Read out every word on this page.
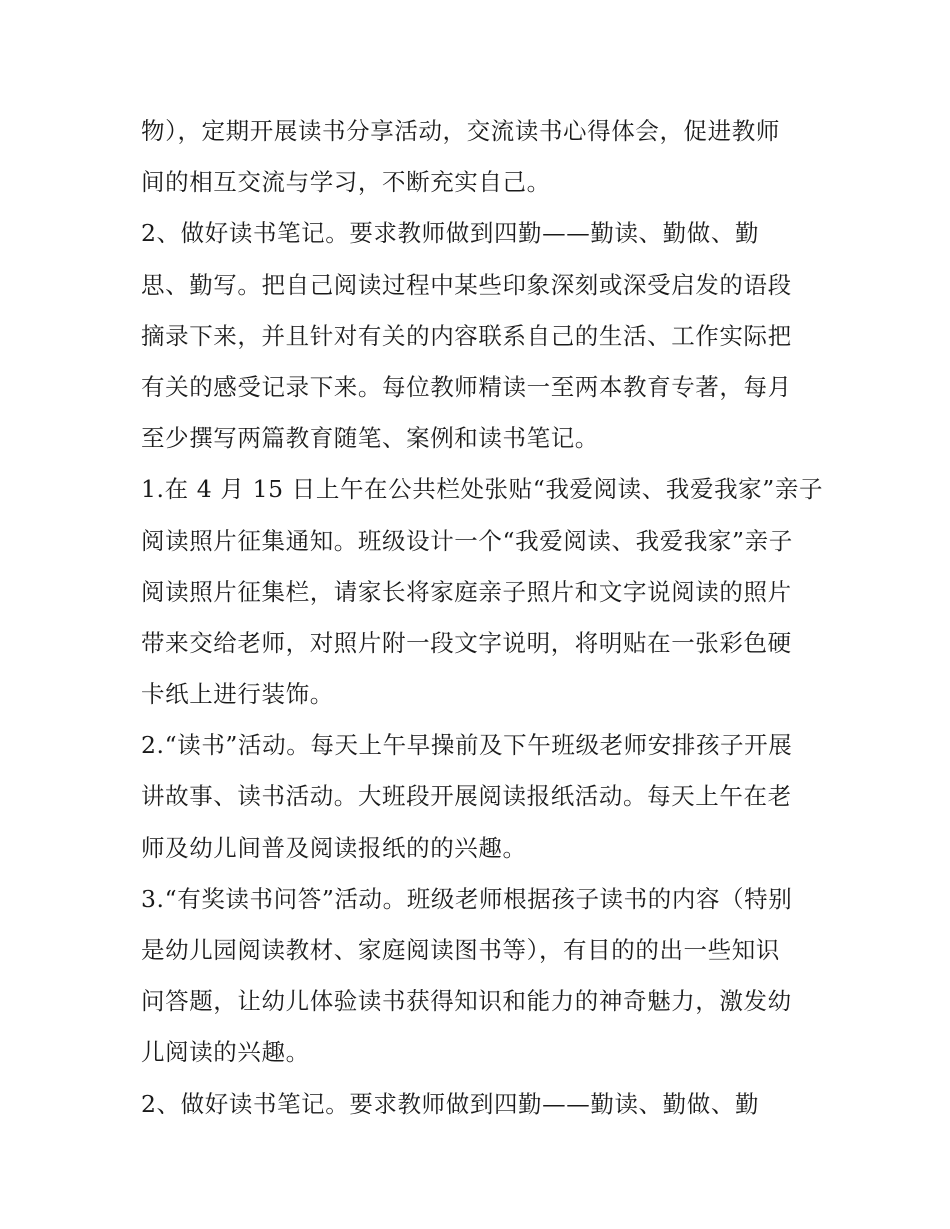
物），定期开展读书分享活动，交流读书心得体会，促进教师
间的相互交流与学习，不断充实自己。
2、做好读书笔记。要求教师做到四勤——勤读、勤做、勤
思、勤写。把自己阅读过程中某些印象深刻或深受启发的语段
摘录下来，并且针对有关的内容联系自己的生活、工作实际把
有关的感受记录下来。每位教师精读一至两本教育专著，每月
至少撰写两篇教育随笔、案例和读书笔记。
1.在 4 月 15 日上午在公共栏处张贴“我爱阅读、我爱我家”亲子
阅读照片征集通知。班级设计一个“我爱阅读、我爱我家”亲子
阅读照片征集栏，请家长将家庭亲子照片和文字说阅读的照片
带来交给老师，对照片附一段文字说明，将明贴在一张彩色硬
卡纸上进行装饰。
2.“读书”活动。每天上午早操前及下午班级老师安排孩子开展
讲故事、读书活动。大班段开展阅读报纸活动。每天上午在老
师及幼儿间普及阅读报纸的的兴趣。
3.“有奖读书问答”活动。班级老师根据孩子读书的内容（特别
是幼儿园阅读教材、家庭阅读图书等），有目的的出一些知识
问答题，让幼儿体验读书获得知识和能力的神奇魅力，激发幼
儿阅读的兴趣。
2、做好读书笔记。要求教师做到四勤——勤读、勤做、勤
